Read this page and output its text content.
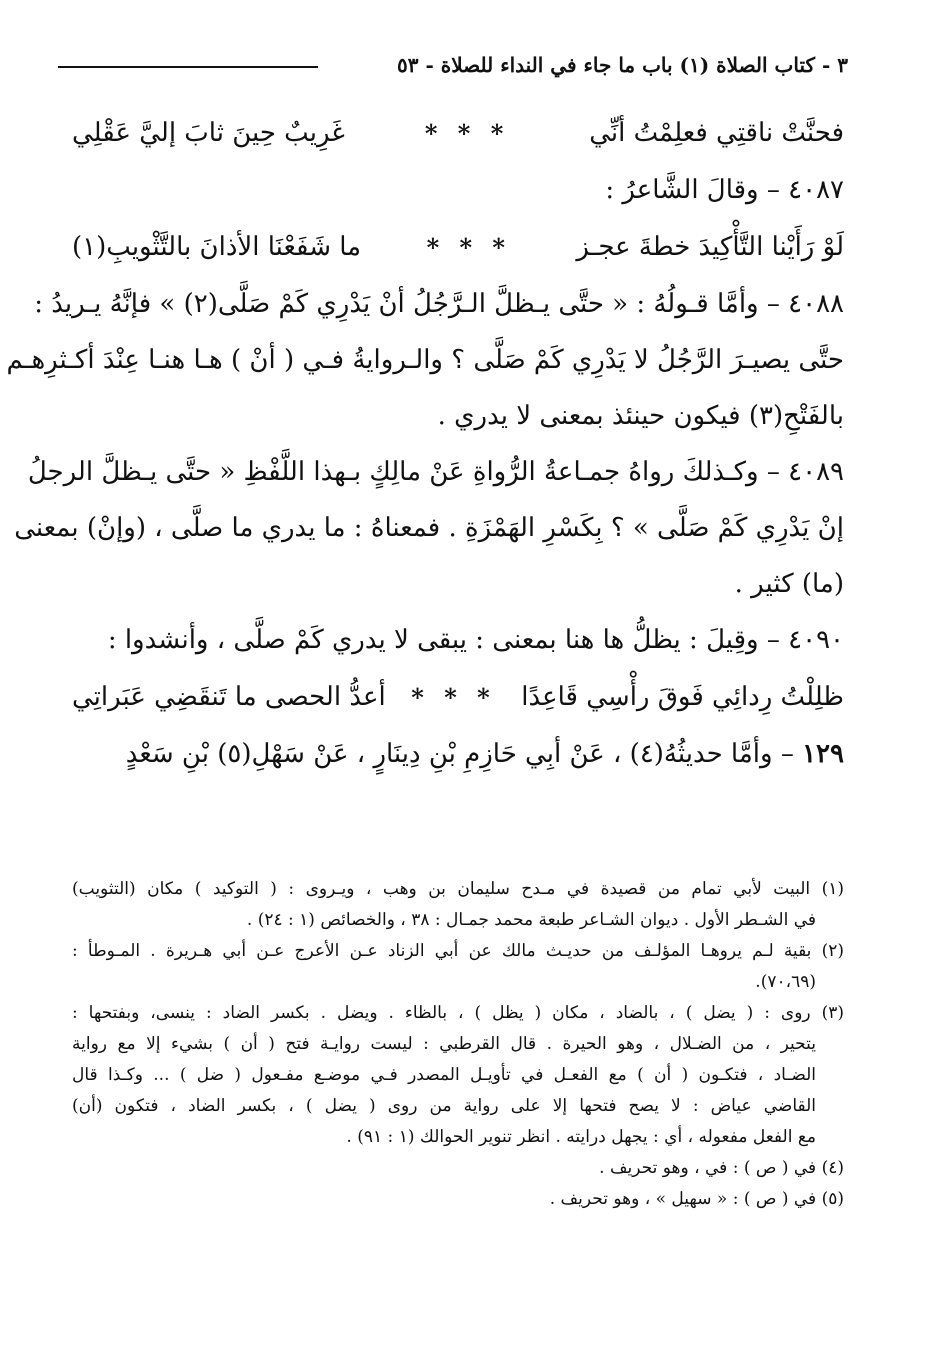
٣ - كتاب الصلاة (١) باب ما جاء في النداء للصلاة - ٥٣
فحنَّتْ ناقتِي فعلِمْتُ أنِّي
* * *
غَرِيبٌ حِينَ ثابَ إليَّ عَقْلِي
٤٠٨٧ – وقالَ الشَّاعرُ :
لَوْ رَأَيْنا التَّأْكِيدَ خطةَ عجـز
* * *
ما شَفَعْنَا الأذانَ بالتَّثْويبِ(١)
٤٠٨٨ – وأمَّا قـولُهُ : « حتَّى يـظلَّ الـرَّجُلُ أنْ يَدْرِي كَمْ صَلَّى(٢) » فإنَّهُ يـريدُ :
حتَّى يصيـرَ الرَّجُلُ لا يَدْرِي كَمْ صَلَّى ؟ والـروايةُ فـي ( أنْ ) هـا هنـا عِنْدَ أكـثرِهـم
بالفَتْحِ(٣) فيكون حينئذ بمعنى لا يدري .
٤٠٨٩ – وكـذلكَ رواهُ جمـاعةُ الرُّواةِ عَنْ مالِكٍ بـهذا اللَّفْظِ « حتَّى يـظلَّ الرجلُ
إنْ يَدْرِي كَمْ صَلَّى » ؟ بِكَسْرِ الهَمْزَةِ . فمعناهُ : ما يدري ما صلَّى ، (وإنْ) بمعنى
(ما) كثير .
٤٠٩٠ – وقِيلَ : يظلُّ ها هنا بمعنى : يبقى لا يدري كَمْ صلَّى ، وأنشدوا :
ظلِلْتُ رِدائِي فَوقَ رأْسِي قَاعِدًا
* * *
أعدُّ الحصى ما تَنقَضِي عَبَراتِي
١٢٩ – وأمَّا حديثُهُ(٤) ، عَنْ أبِي حَازِمِ بْنِ دِينَارٍ ، عَنْ سَهْلِ(٥) بْنِ سَعْدٍ
(١) البيت لأبي تمام من قصيدة في مـدح سليمان بن وهب ، ويـروى : ( التوكيد ) مكان (التثويب)
في الشـطر الأول . ديوان الشـاعر طبعة محمد جمـال : ٣٨ ، والخصائص (١ : ٢٤) .
(٢) بقية لـم يروهـا المؤلـف من حديـث مالك عن أبي الزناد عـن الأعرج عـن أبي هـريرة . المـوطأ :
(٧٠،٦٩).
(٣) روى : ( يضل ) ، بالضاد ، مكان ( يظل ) ، بالظاء . ويضل . بكسر الضاد : ينسى، وبفتحها :
يتحير ، من الضـلال ، وهو الحيرة . قال القرطبي : ليست روايـة فتح ( أن ) بشيء إلا مع رواية
الضـاد ، فتكـون ( أن ) مع الفعـل في تأويـل المصدر فـي موضـع مفـعول ( ضل ) ... وكـذا قال
القاضي عياض : لا يصح فتحها إلا على رواية من روى ( يضل ) ، بكسر الضاد ، فتكون (أن)
مع الفعل مفعوله ، أي : يجهل درايته . انظر تنوير الحوالك (١ : ٩١) .
(٤) في ( ص ) : في ، وهو تحريف .
(٥) في ( ص ) : « سهيل » ، وهو تحريف .
